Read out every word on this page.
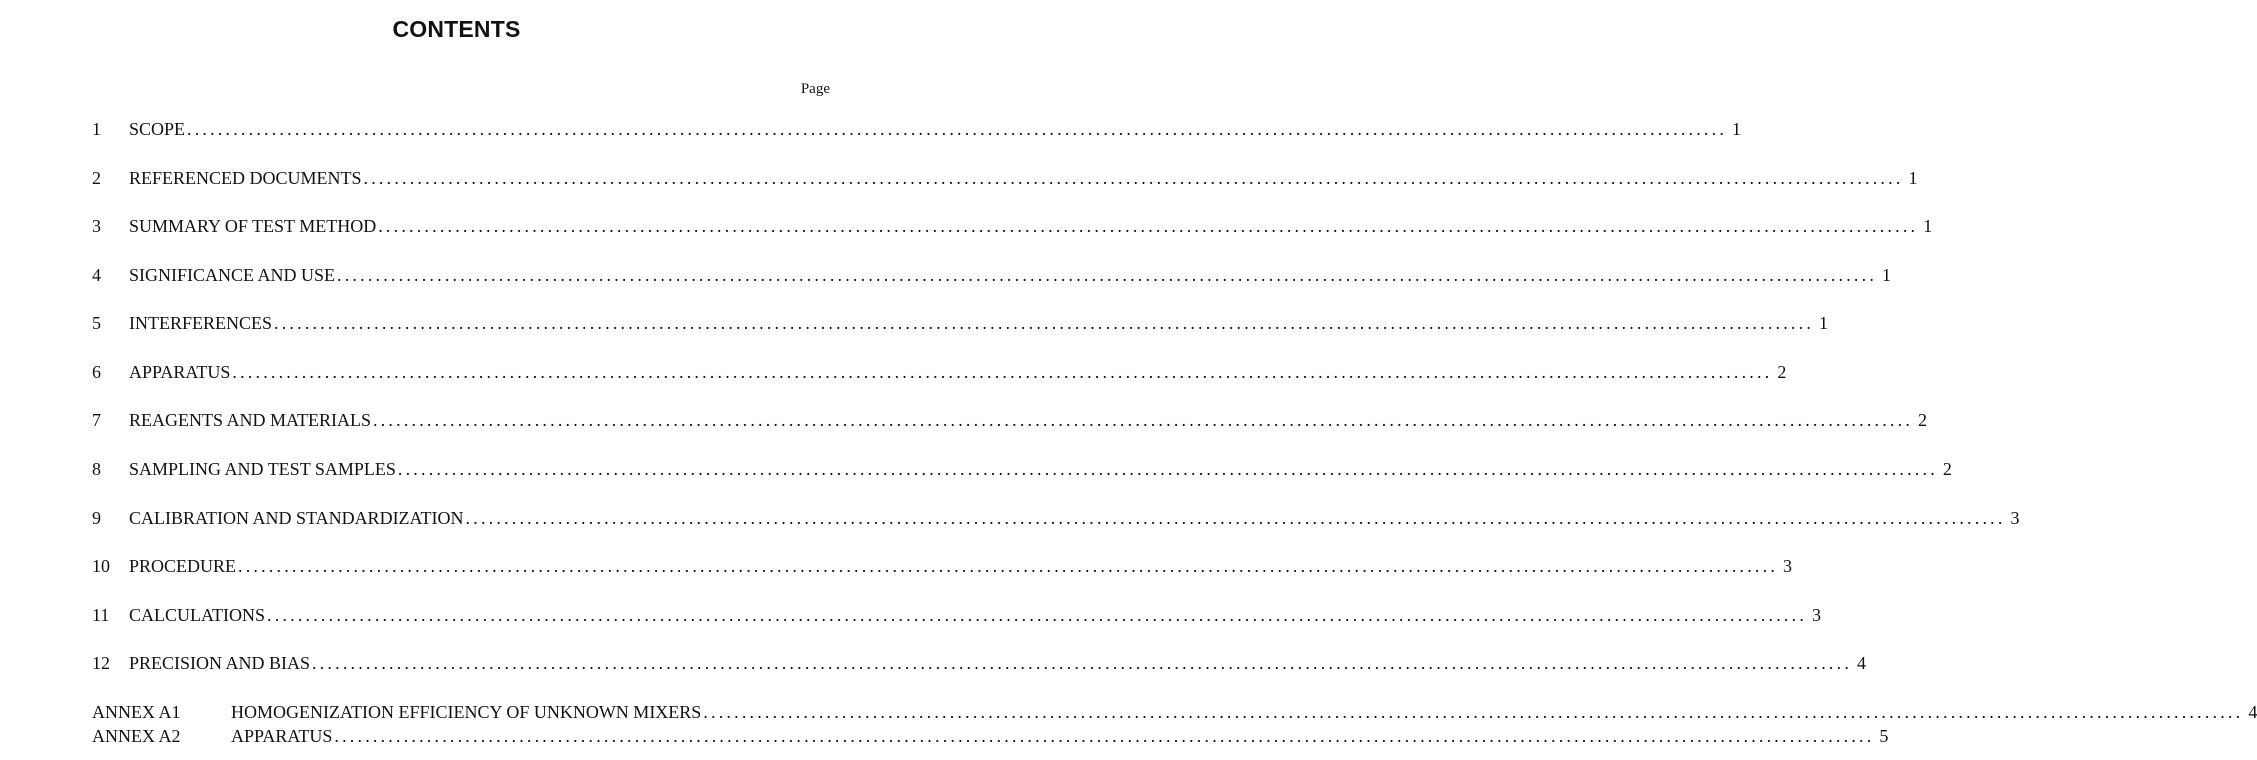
CONTENTS
Page
1	SCOPE ........................................................................................................................................................................................................ 1
2	REFERENCED DOCUMENTS ........................................................................................................................................................................................................ 1
3	SUMMARY OF TEST METHOD ........................................................................................................................................................................................................ 1
4	SIGNIFICANCE AND USE ........................................................................................................................................................................................................ 1
5	INTERFERENCES ........................................................................................................................................................................................................ 1
6	APPARATUS ........................................................................................................................................................................................................ 2
7	REAGENTS AND MATERIALS ........................................................................................................................................................................................................ 2
8	SAMPLING AND TEST SAMPLES ........................................................................................................................................................................................................ 2
9	CALIBRATION AND STANDARDIZATION ........................................................................................................................................................................................................ 3
10	PROCEDURE ........................................................................................................................................................................................................ 3
11	CALCULATIONS ........................................................................................................................................................................................................ 3
12	PRECISION AND BIAS ........................................................................................................................................................................................................ 4
ANNEX A1	HOMOGENIZATION EFFICIENCY OF UNKNOWN MIXERS ........................................................................................................................................................................................................ 4
ANNEX A2	APPARATUS ........................................................................................................................................................................................................ 5
